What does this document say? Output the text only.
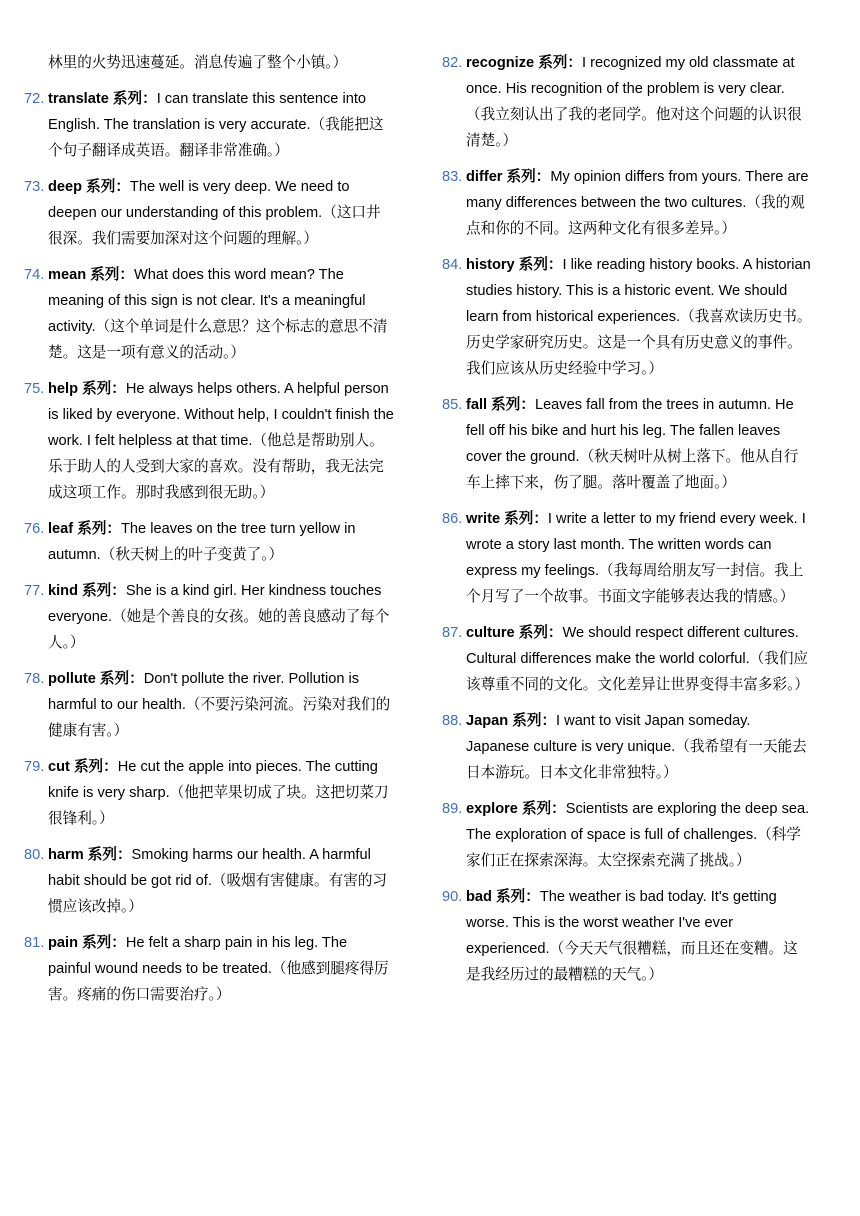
林里的火势迅速蔓延。消息传遍了整个小镇。）
72. translate 系列：I can translate this sentence into English. The translation is very accurate.（我能把这个句子翻译成英语。翻译非常准确。）
73. deep 系列：The well is very deep. We need to deepen our understanding of this problem.（这口井很深。我们需要加深对这个问题的理解。）
74. mean 系列：What does this word mean? The meaning of this sign is not clear. It's a meaningful activity.（这个单词是什么意思？这个标志的意思不清楚。这是一项有意义的活动。）
75. help 系列：He always helps others. A helpful person is liked by everyone. Without help, I couldn't finish the work. I felt helpless at that time.（他总是帮助别人。乐于助人的人受到大家的喜欢。没有帮助，我无法完成这项工作。那时我感到很无助。）
76. leaf 系列：The leaves on the tree turn yellow in autumn.（秋天树上的叶子变黄了。）
77. kind 系列：She is a kind girl. Her kindness touches everyone.（她是个善良的女孩。她的善良感动了每个人。）
78. pollute 系列：Don't pollute the river. Pollution is harmful to our health.（不要污染河流。污染对我们的健康有害。）
79. cut 系列：He cut the apple into pieces. The cutting knife is very sharp.（他把苹果切成了块。这把切菜刀很锋利。）
80. harm 系列：Smoking harms our health. A harmful habit should be got rid of.（吸烟有害健康。有害的习惯应该改掉。）
81. pain 系列：He felt a sharp pain in his leg. The painful wound needs to be treated.（他感到腿疼得厉害。疼痛的伤口需要治疗。）
82. recognize 系列：I recognized my old classmate at once. His recognition of the problem is very clear.（我立刻认出了我的老同学。他对这个问题的认识很清楚。）
83. differ 系列：My opinion differs from yours. There are many differences between the two cultures.（我的观点和你的不同。这两种文化有很多差异。）
84. history 系列：I like reading history books. A historian studies history. This is a historic event. We should learn from historical experiences.（我喜欢读历史书。历史学家研究历史。这是一个具有历史意义的事件。我们应该从历史经验中学习。）
85. fall 系列：Leaves fall from the trees in autumn. He fell off his bike and hurt his leg. The fallen leaves cover the ground.（秋天树叶从树上落下。他从自行车上摔下来，伤了腿。落叶覆盖了地面。）
86. write 系列：I write a letter to my friend every week. I wrote a story last month. The written words can express my feelings.（我每周给朋友写一封信。我上个月写了一个故事。书面文字能够表达我的情感。）
87. culture 系列：We should respect different cultures. Cultural differences make the world colorful.（我们应该尊重不同的文化。文化差异让世界变得丰富多彩。）
88. Japan 系列：I want to visit Japan someday. Japanese culture is very unique.（我希望有一天能去日本游玩。日本文化非常独特。）
89. explore 系列：Scientists are exploring the deep sea. The exploration of space is full of challenges.（科学家们正在探索深海。太空探索充满了挑战。）
90. bad 系列：The weather is bad today. It's getting worse. This is the worst weather I've ever experienced.（今天天气很糟糕，而且还在变糟。这是我经历过的最糟糕的天气。）
